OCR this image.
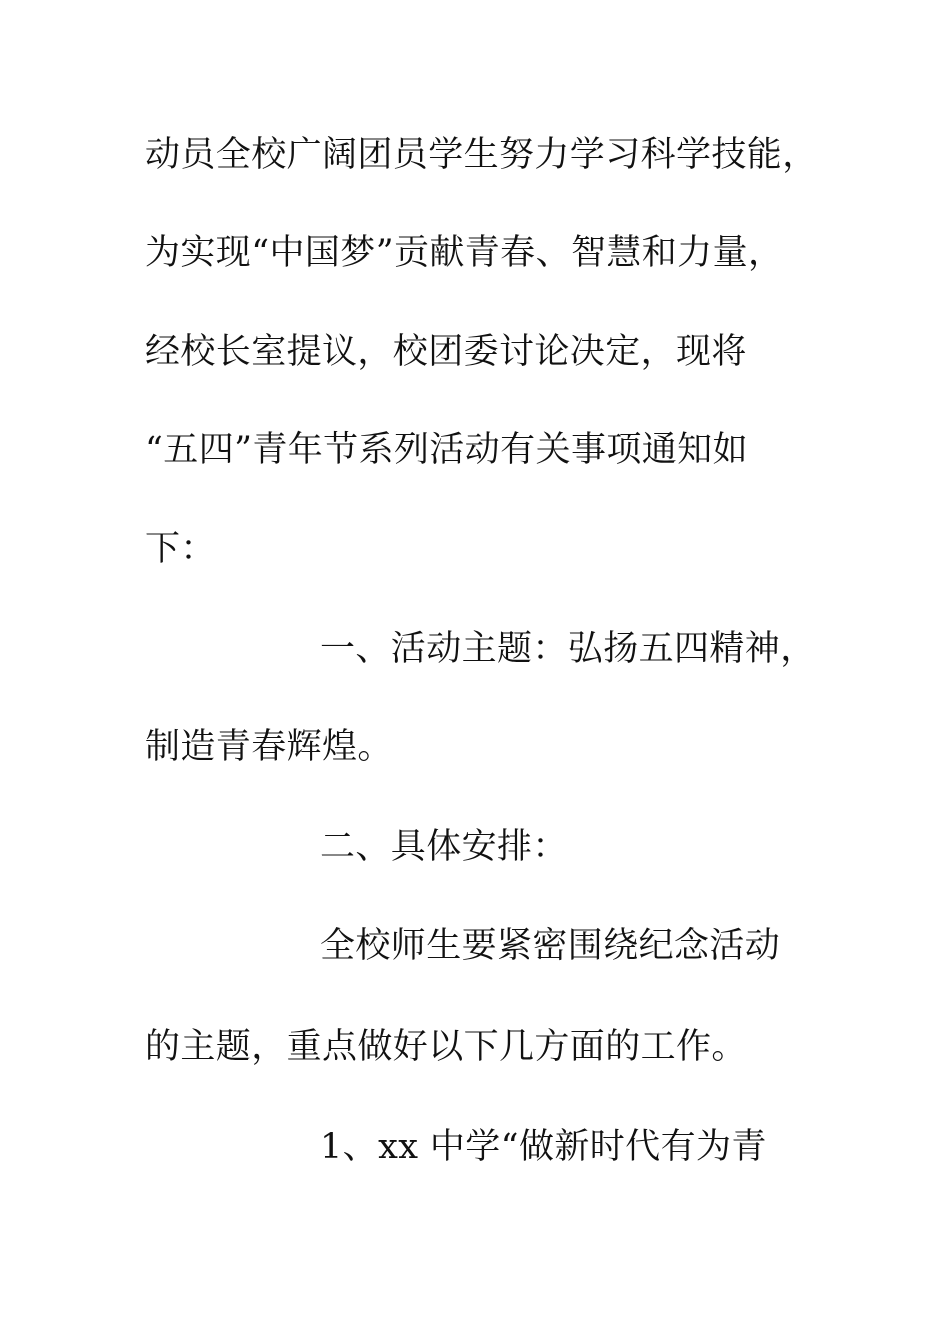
动员全校广阔团员学生努力学习科学技能，
为实现“中国梦”贡献青春、智慧和力量，
经校长室提议，校团委讨论决定，现将
“五四”青年节系列活动有关事项通知如
下：
一、活动主题：弘扬五四精神，
制造青春辉煌。
二、具体安排：
全校师生要紧密围绕纪念活动
的主题，重点做好以下几方面的工作。
1、xx 中学“做新时代有为青
